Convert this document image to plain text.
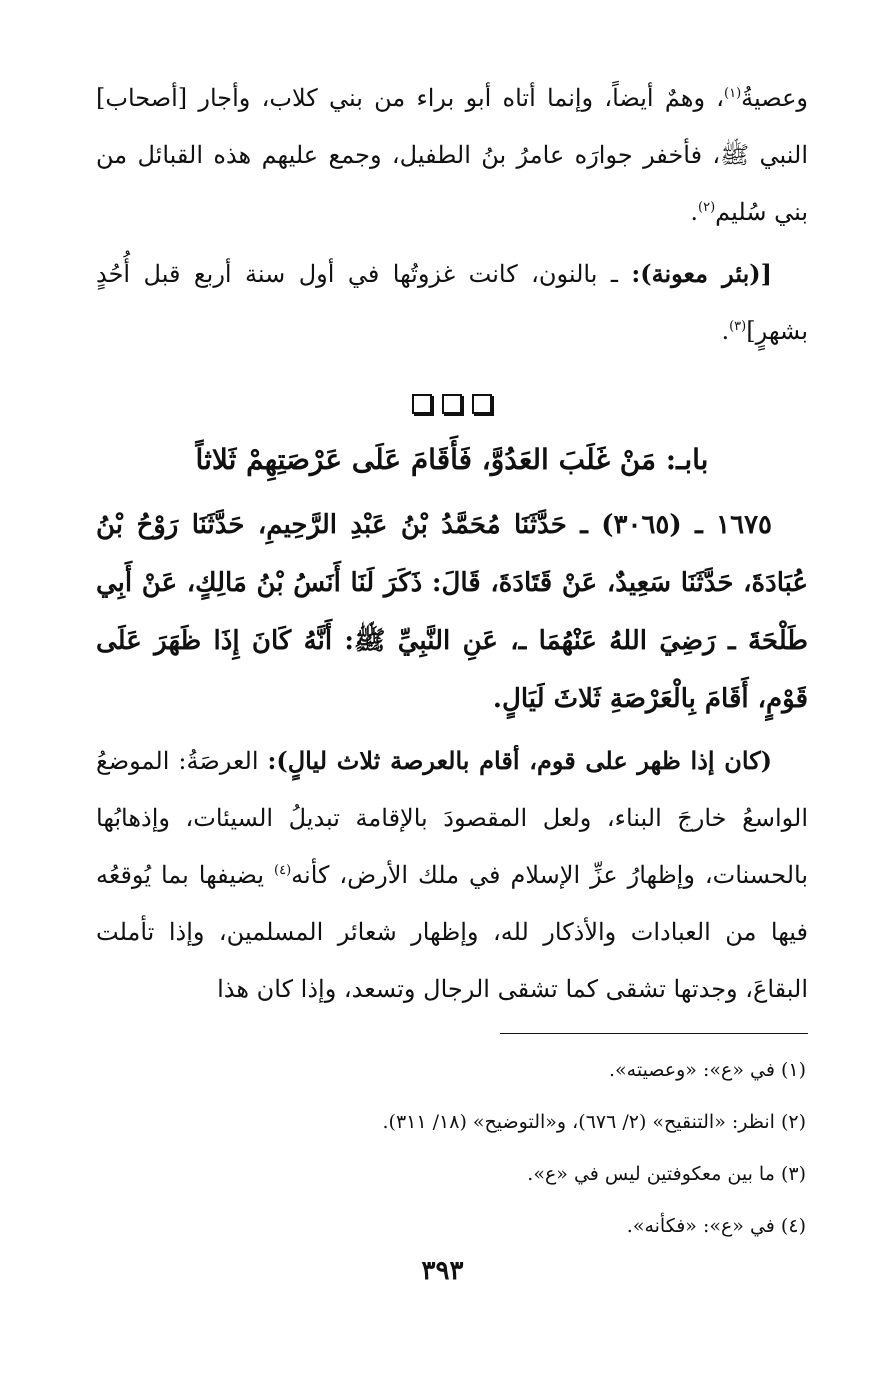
وعصيةُ$^{(١)}$، وهمٌ أيضاً، وإنما أتاه أبو براء من بني كلاب، وأجار [أصحاب] النبي ﷺ، فأخفر جوارَه عامرُ بنُ الطفيل، وجمع عليهم هذه القبائل من بني سُليم$^{(٢)}$.

[(بئر معونة): ـ بالنون، كانت غزوتُها في أول سنة أربع قبل أُحُدٍ بشهرٍ]$^{(٣)}$.

بابـ: مَنْ غَلَبَ العَدُوَّ، فَأَقَامَ عَلَى عَرْصَتِهِمْ ثَلاثاً

١٦٧٥ ـ (٣٠٦٥) ـ حَدَّثَنَا مُحَمَّدُ بْنُ عَبْدِ الرَّحِيمِ، حَدَّثَنَا رَوْحُ بْنُ عُبَادَةَ، حَدَّثَنَا سَعِيدٌ، عَنْ قَتَادَةَ، قَالَ: ذَكَرَ لَنَا أَنَسُ بْنُ مَالِكٍ، عَنْ أَبِي طَلْحَةَ ـ رَضِيَ اللهُ عَنْهُمَا ـ، عَنِ النَّبِيِّ ﷺ: أَنَّهُ كَانَ إِذَا ظَهَرَ عَلَى قَوْمٍ، أَقَامَ بِالْعَرْصَةِ ثَلاثَ لَيَالٍ.

(كان إذا ظهر على قوم، أقام بالعرصة ثلاث ليالٍ): العرصَةُ: الموضعُ الواسعُ خارجَ البناء، ولعل المقصودَ بالإقامة تبديلُ السيئات، وإذهابُها بالحسنات، وإظهارُ عزِّ الإسلام في ملك الأرض، كأنه$^{(٤)}$ يضيفها بما يُوقعُه فيها من العبادات والأذكار لله، وإظهار شعائر المسلمين، وإذا تأملت البقاعَ، وجدتها تشقى كما تشقى الرجال وتسعد، وإذا كان هذا

(١) في «ع»: «وعصيته».
(٢) انظر: «التنقيح» (٢/ ٦٧٦)، و«التوضيح» (١٨/ ٣١١).
(٣) ما بين معكوفتين ليس في «ع».
(٤) في «ع»: «فكأنه».
٣٩٣
